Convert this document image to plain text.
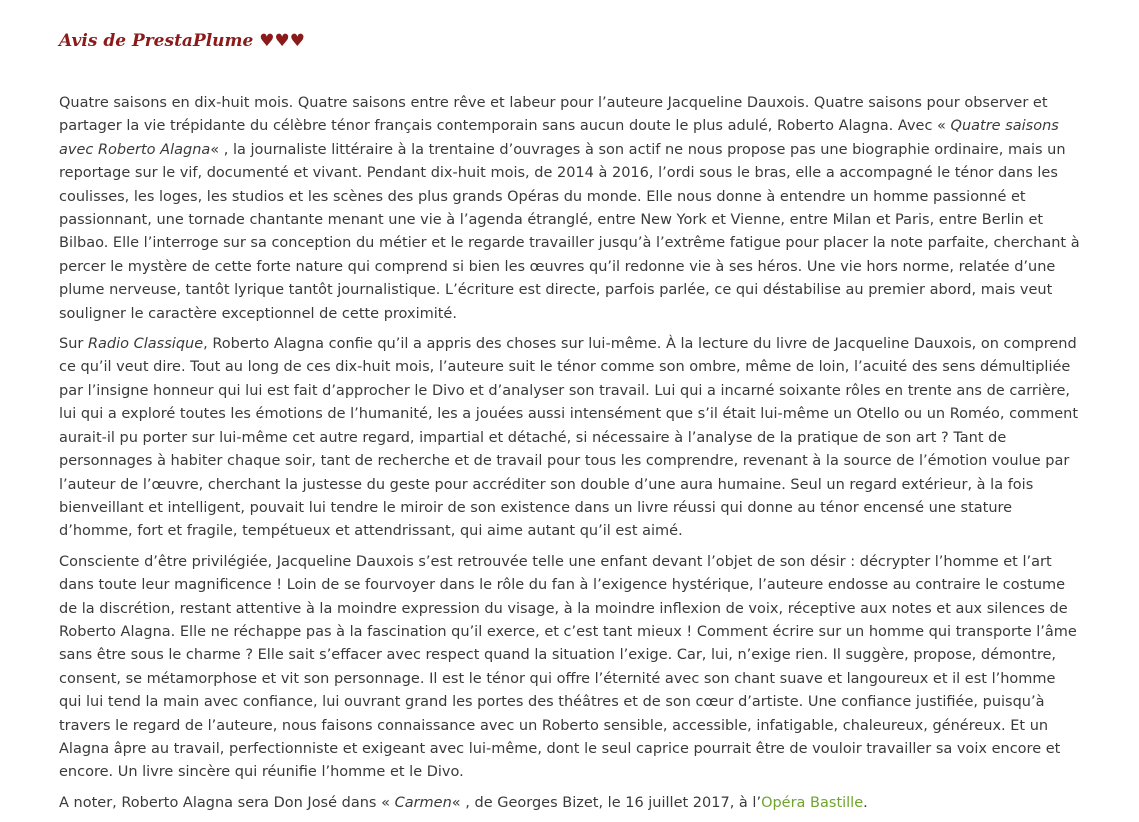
Avis de PrestaPlume ♥♥♥

Quatre saisons en dix-huit mois. Quatre saisons entre rêve et labeur pour l’auteure Jacqueline Dauxois. Quatre saisons pour observer et partager la vie trépidante du célèbre ténor français contemporain sans aucun doute le plus adulé, Roberto Alagna. Avec « Quatre saisons avec Roberto Alagna« , la journaliste littéraire à la trentaine d’ouvrages à son actif ne nous propose pas une biographie ordinaire, mais un reportage sur le vif, documenté et vivant. Pendant dix-huit mois, de 2014 à 2016, l’ordi sous le bras, elle a accompagné le ténor dans les coulisses, les loges, les studios et les scènes des plus grands Opéras du monde. Elle nous donne à entendre un homme passionné et passionnant, une tornade chantante menant une vie à l’agenda étranglé, entre New York et Vienne, entre Milan et Paris, entre Berlin et Bilbao. Elle l’interroge sur sa conception du métier et le regarde travailler jusqu’à l’extrême fatigue pour placer la note parfaite, cherchant à percer le mystère de cette forte nature qui comprend si bien les œuvres qu’il redonne vie à ses héros. Une vie hors norme, relatée d’une plume nerveuse, tantôt lyrique tantôt journalistique. L’écriture est directe, parfois parlée, ce qui déstabilise au premier abord, mais veut souligner le caractère exceptionnel de cette proximité.

Sur Radio Classique, Roberto Alagna confie qu’il a appris des choses sur lui-même. À la lecture du livre de Jacqueline Dauxois, on comprend ce qu’il veut dire. Tout au long de ces dix-huit mois, l’auteure suit le ténor comme son ombre, même de loin, l’acuité des sens démultipliée par l’insigne honneur qui lui est fait d’approcher le Divo et d’analyser son travail. Lui qui a incarné soixante rôles en trente ans de carrière, lui qui a exploré toutes les émotions de l’humanité, les a jouées aussi intensément que s’il était lui-même un Otello ou un Roméo, comment aurait-il pu porter sur lui-même cet autre regard, impartial et détaché, si nécessaire à l’analyse de la pratique de son art ? Tant de personnages à habiter chaque soir, tant de recherche et de travail pour tous les comprendre, revenant à la source de l’émotion voulue par l’auteur de l’œuvre, cherchant la justesse du geste pour accréditer son double d’une aura humaine. Seul un regard extérieur, à la fois bienveillant et intelligent, pouvait lui tendre le miroir de son existence dans un livre réussi qui donne au ténor encensé une stature d’homme, fort et fragile, tempétueux et attendrissant, qui aime autant qu’il est aimé.

Consciente d’être privilégiée, Jacqueline Dauxois s’est retrouvée telle une enfant devant l’objet de son désir : décrypter l’homme et l’art dans toute leur magnificence ! Loin de se fourvoyer dans le rôle du fan à l’exigence hystérique, l’auteure endosse au contraire le costume de la discrétion, restant attentive à la moindre expression du visage, à la moindre inflexion de voix, réceptive aux notes et aux silences de Roberto Alagna. Elle ne réchappe pas à la fascination qu’il exerce, et c’est tant mieux ! Comment écrire sur un homme qui transporte l’âme sans être sous le charme ? Elle sait s’effacer avec respect quand la situation l’exige. Car, lui, n’exige rien. Il suggère, propose, démontre, consent, se métamorphose et vit son personnage. Il est le ténor qui offre l’éternité avec son chant suave et langoureux et il est l’homme qui lui tend la main avec confiance, lui ouvrant grand les portes des théâtres et de son cœur d’artiste. Une confiance justifiée, puisqu’à travers le regard de l’auteure, nous faisons connaissance avec un Roberto sensible, accessible, infatigable, chaleureux, généreux. Et un Alagna âpre au travail, perfectionniste et exigeant avec lui-même, dont le seul caprice pourrait être de vouloir travailler sa voix encore et encore. Un livre sincère qui réunifie l’homme et le Divo.

A noter, Roberto Alagna sera Don José dans « Carmen« , de Georges Bizet, le 16 juillet 2017, à l’Opéra Bastille.
